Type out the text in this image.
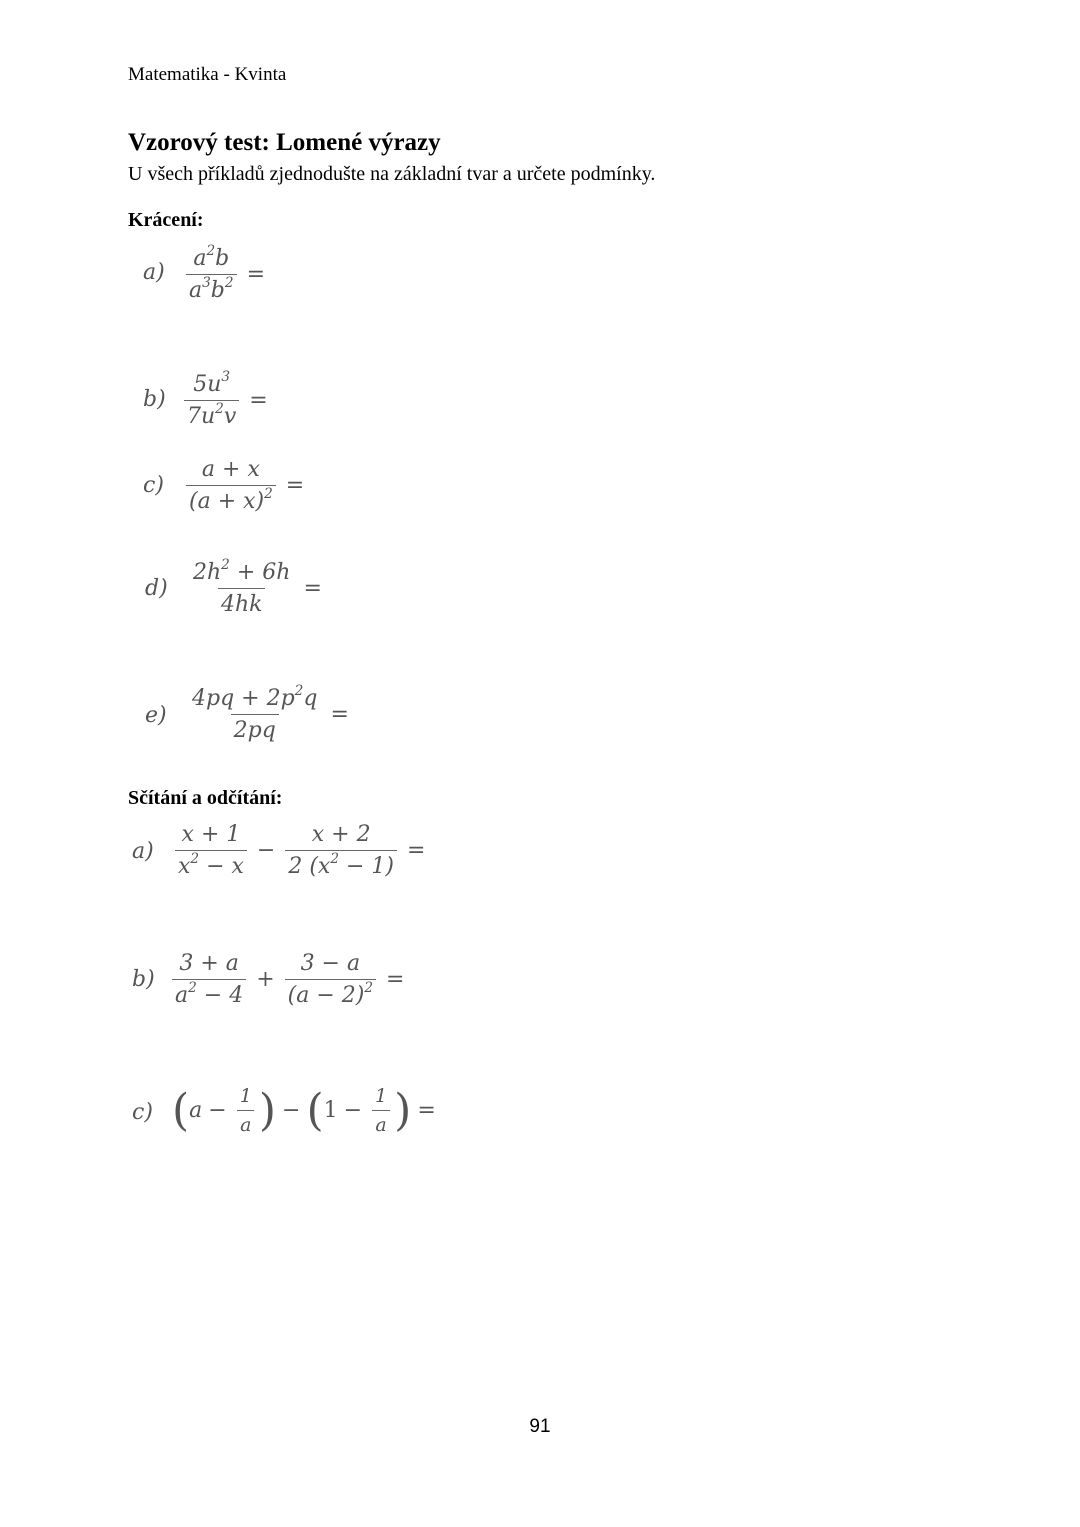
Matematika - Kvinta
Vzorový test: Lomené výrazy
U všech příkladů zjednodušte na základní tvar a určete podmínky.
Krácení:
$a) \frac{a^2b}{a^3b^2}$ =
$b) \frac{5u^3}{7u^2v}$ =
$c) \frac{a + x}{(a + x)^2}$ =
$d) \frac{2h^2 + 6h}{4hk}$ =
$e) \frac{4pq + 2p^2q}{2pq}$ =
Sčítání a odčítání:
$a) \frac{x + 1}{x^2 - x} - \frac{x + 2}{2 (x^2 - 1)}$ =
$b) \frac{3 + a}{a^2 - 4} + \frac{3 - a}{(a - 2)^2}$ =
c) ( $a - \frac{1}{a}$ ) − ( $1 - \frac{1}{a}$ ) =
91
